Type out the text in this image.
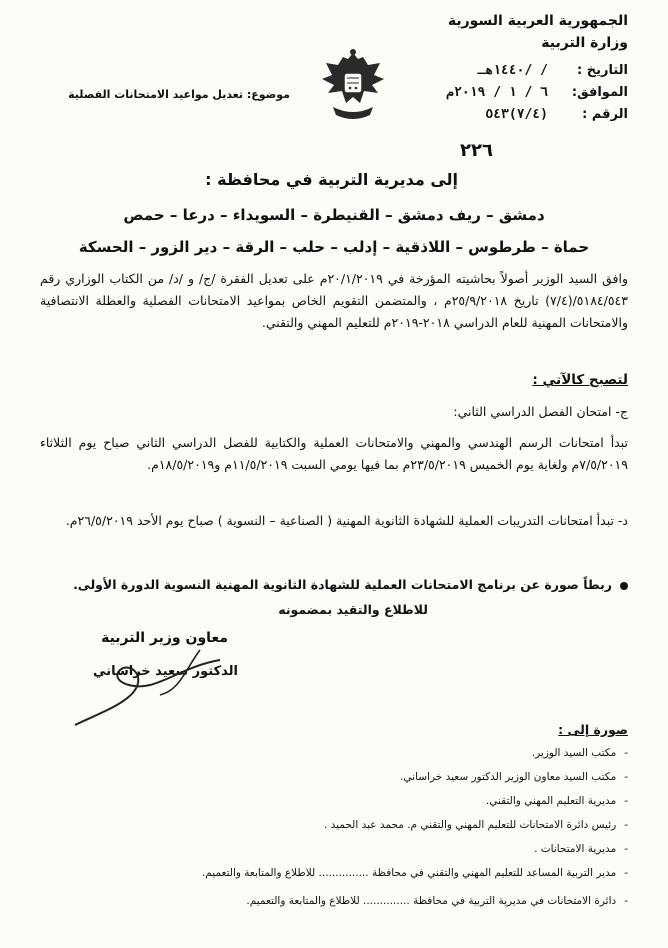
الجمهورية العربية السورية
وزارة التربية
التاريخ :
/ /١٤٤٠هـ
الموافق:
٦ / ١ / ٢٠١٩م
الرقم :
(٧/٤)٥٤٣
٢٢٦
موضوع: تعديل مواعيد الامتحانات الفصلية
إلى مديرية التربية في محافظة :
دمشق – ريف دمشق – القنيطرة – السويداء – درعا – حمص
حماة – طرطوس – اللاذقية – إدلب – حلب – الرقة – دير الزور – الحسكة
وافق السيد الوزير أصولاً بحاشيته المؤرخة في ٢٠/١/٢٠١٩م على تعديل الفقرة /ج/ و /د/ من الكتاب الوزاري رقم ٥١٨٤/٥٤٣/(٧/٤) تاريخ ٢٥/٩/٢٠١٨م ، والمتضمن التقويم الخاص بمواعيد الامتحانات الفصلية والعطلة الانتصافية والامتحانات المهنية للعام الدراسي ٢٠١٨-٢٠١٩م للتعليم المهني والتقني.
لتصبح كالآتي :
ج- امتحان الفصل الدراسي الثاني:
تبدأ امتحانات الرسم الهندسي والمهني والامتحانات العملية والكتابية للفصل الدراسي الثاني صباح يوم الثلاثاء ٧/٥/٢٠١٩م ولغاية يوم الخميس ٢٣/٥/٢٠١٩م بما فيها يومي السبت ١١/٥/٢٠١٩م و١٨/٥/٢٠١٩م.
د- تبدأ امتحانات التدريبات العملية للشهادة الثانوية المهنية ( الصناعية – النسوية ) صباح يوم الأحد ٢٦/٥/٢٠١٩م.
ربطاً صورة عن برنامج الامتحانات العملية للشهادة الثانوية المهنية النسوية الدورة الأولى.
للاطلاع والتقيد بمضمونه
معاون وزير التربية
الدكتور سعيد خراساني
صورة إلى :
-مكتب السيد الوزير.
-مكتب السيد معاون الوزير الدكتور سعيد خراساني.
-مديرية التعليم المهني والتقني.
-رئيس دائرة الامتحانات للتعليم المهني والتقني م. محمد عبد الحميد .
-مديرية الامتحانات .
-مدير التربية المساعد للتعليم المهني والتقني في محافظة ............... للاطلاع والمتابعة والتعميم.
-دائرة الامتحانات في مديرية التربية في محافظة .............. للاطلاع والمتابعة والتعميم.
